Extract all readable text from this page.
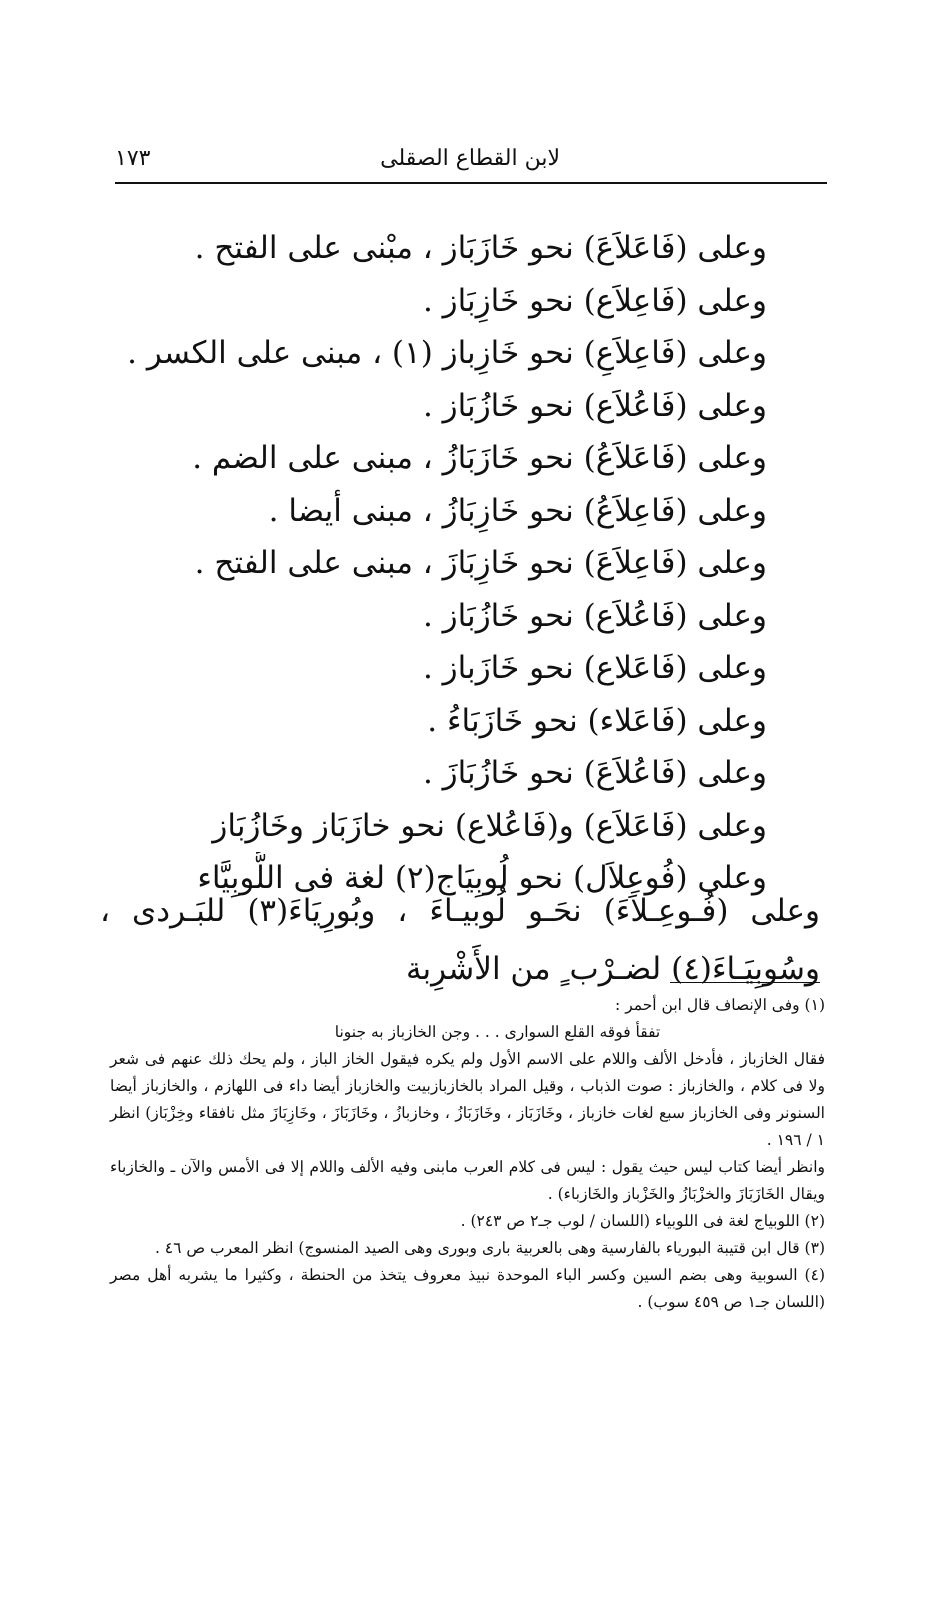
لابن القطاع الصقلى
١٧٣
وعلى (فَاعَلاَعَ) نحو خَازَبَاز ، مبْنى على الفتح .
وعلى (فَاعِلاَع) نحو خَازِبَاز .
وعلى (فَاعِلاَعِ) نحو خَازِباز (١) ، مبنى على الكسر .
وعلى (فَاعُلاَع) نحو خَازُبَاز .
وعلى (فَاعَلاَعُ) نحو خَازَبَازُ ، مبنى على الضم .
وعلى (فَاعِلاَعُ) نحو خَازِبَازُ ، مبنى أيضا .
وعلى (فَاعِلاَعَ) نحو خَازِبَازَ ، مبنى على الفتح .
وعلى (فَاعُلاَع) نحو خَازُبَاز .
وعلى (فَاعَلاع) نحو خَازَباز .
وعلى (فَاعَلاء) نحو خَازَبَاءُ .
وعلى (فَاعُلاَعَ) نحو خَازُبَازَ .
وعلى (فَاعَلاَع) و(فَاعُلاع) نحو خازَبَاز وخَازُبَاز
وعلى (فُوعِلاَل) نحو لُوبِيَاج(٢) لغة فى اللُّوبِيَّاء
وعلى (فُـوعِـلاَءَ) نحَـو لُوبيـاءَ ، وبُورِيَاءَ(٣) للبَـردى ، وسُوبِيَـاءَ(٤) لضـرْب ٍ من الأَشْرِبة

(١) وفى الإنصاف قال ابن أحمر :

تفقأ فوقه القلع السوارى . . . وجن الخازباز به جنونا

فقال الخازباز ، فأدخل الألف واللام على الاسم الأول ولم يكره فيقول الخاز الباز ، ولم يحك ذلك عنهم فى شعر ولا فى كلام ، والخازباز : صوت الذباب ، وقيل المراد بالخازبازبيت والخازباز أيضا داء فى اللهازم ، والخازباز أيضا السنونر وفى الخازباز سبع لغات خازباز ، وخَازَبَاز ، وخَازَبَازُ ، وخازبازُ ، وخَازَبَازَ ، وخَازِبَازَ مثل نافقاء وخِزْبَاز) انظر ١ / ١٩٦ .

وانظر أيضا كتاب ليس حيث يقول : ليس فى كلام العرب مابنى وفيه الألف واللام إلا فى الأمس والآن ـ والخازباء ويقال الخَازَبَازَ والخزْبَازُ والخَزْباز والخَازباء) .

(٢) اللوبياج لغة فى اللوبياء (اللسان / لوب جـ٢ ص ٢٤٣) .

(٣) قال ابن قتيبة البورياء بالفارسية وهى بالعربية بارى وبورى وهى الصيد المنسوج) انظر المعرب ص ٤٦ .

(٤) السوبية وهى بضم السين وكسر الباء الموحدة نبيذ معروف يتخذ من الحنطة ، وكثيرا ما يشربه أهل مصر (اللسان جـ١ ص ٤٥٩ سوب) .
